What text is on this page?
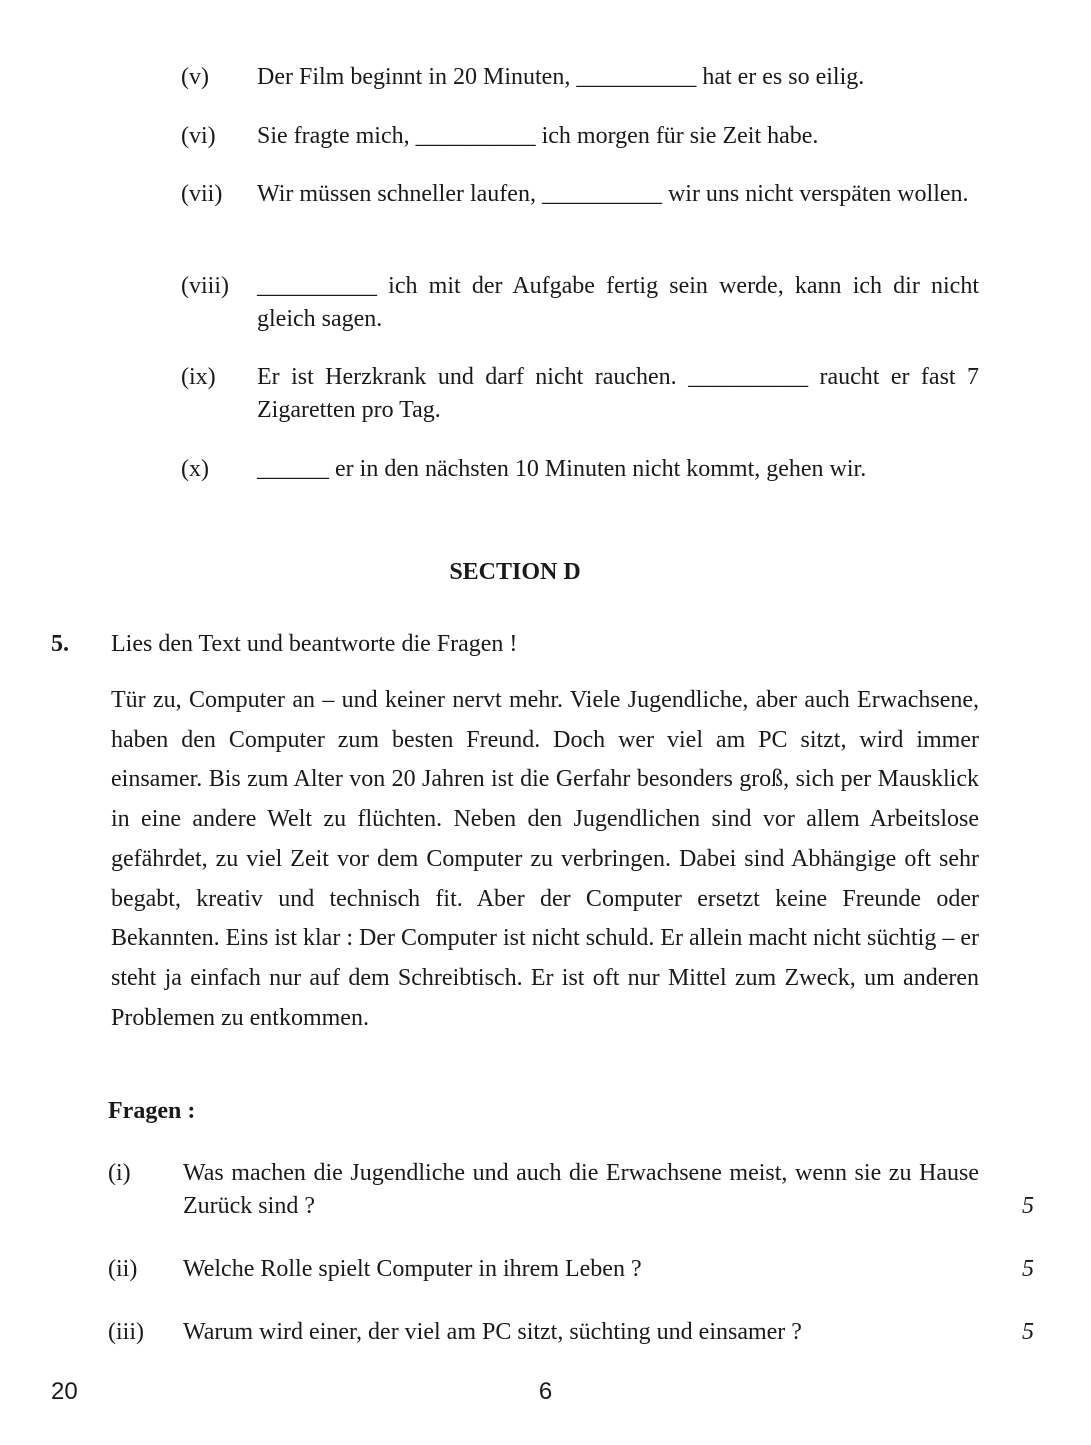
(v)	Der Film beginnt in 20 Minuten, __________ hat er es so eilig.
(vi)	Sie fragte mich, __________ ich morgen für sie Zeit habe.
(vii)	Wir müssen schneller laufen, __________ wir uns nicht verspäten wollen.
(viii)	__________ ich mit der Aufgabe fertig sein werde, kann ich dir nicht gleich sagen.
(ix)	Er ist Herzkrank und darf nicht rauchen. __________ raucht er fast 7 Zigaretten pro Tag.
(x)	______ er in den nächsten 10 Minuten nicht kommt, gehen wir.
SECTION D
5. Lies den Text und beantworte die Fragen !
Tür zu, Computer an – und keiner nervt mehr. Viele Jugendliche, aber auch Erwachsene, haben den Computer zum besten Freund. Doch wer viel am PC sitzt, wird immer einsamer. Bis zum Alter von 20 Jahren ist die Gerfahr besonders groß, sich per Mausklick in eine andere Welt zu flüchten. Neben den Jugendlichen sind vor allem Arbeitslose gefährdet, zu viel Zeit vor dem Computer zu verbringen. Dabei sind Abhängige oft sehr begabt, kreativ und technisch fit. Aber der Computer ersetzt keine Freunde oder Bekannten. Eins ist klar : Der Computer ist nicht schuld. Er allein macht nicht süchtig – er steht ja einfach nur auf dem Schreibtisch. Er ist oft nur Mittel zum Zweck, um anderen Problemen zu entkommen.
Fragen :
(i)	Was machen die Jugendliche und auch die Erwachsene meist, wenn sie zu Hause Zurück sind ?	5
(ii)	Welche Rolle spielt Computer in ihrem Leben ?	5
(iii)	Warum wird einer, der viel am PC sitzt, süchting und einsamer ?	5
20	6
